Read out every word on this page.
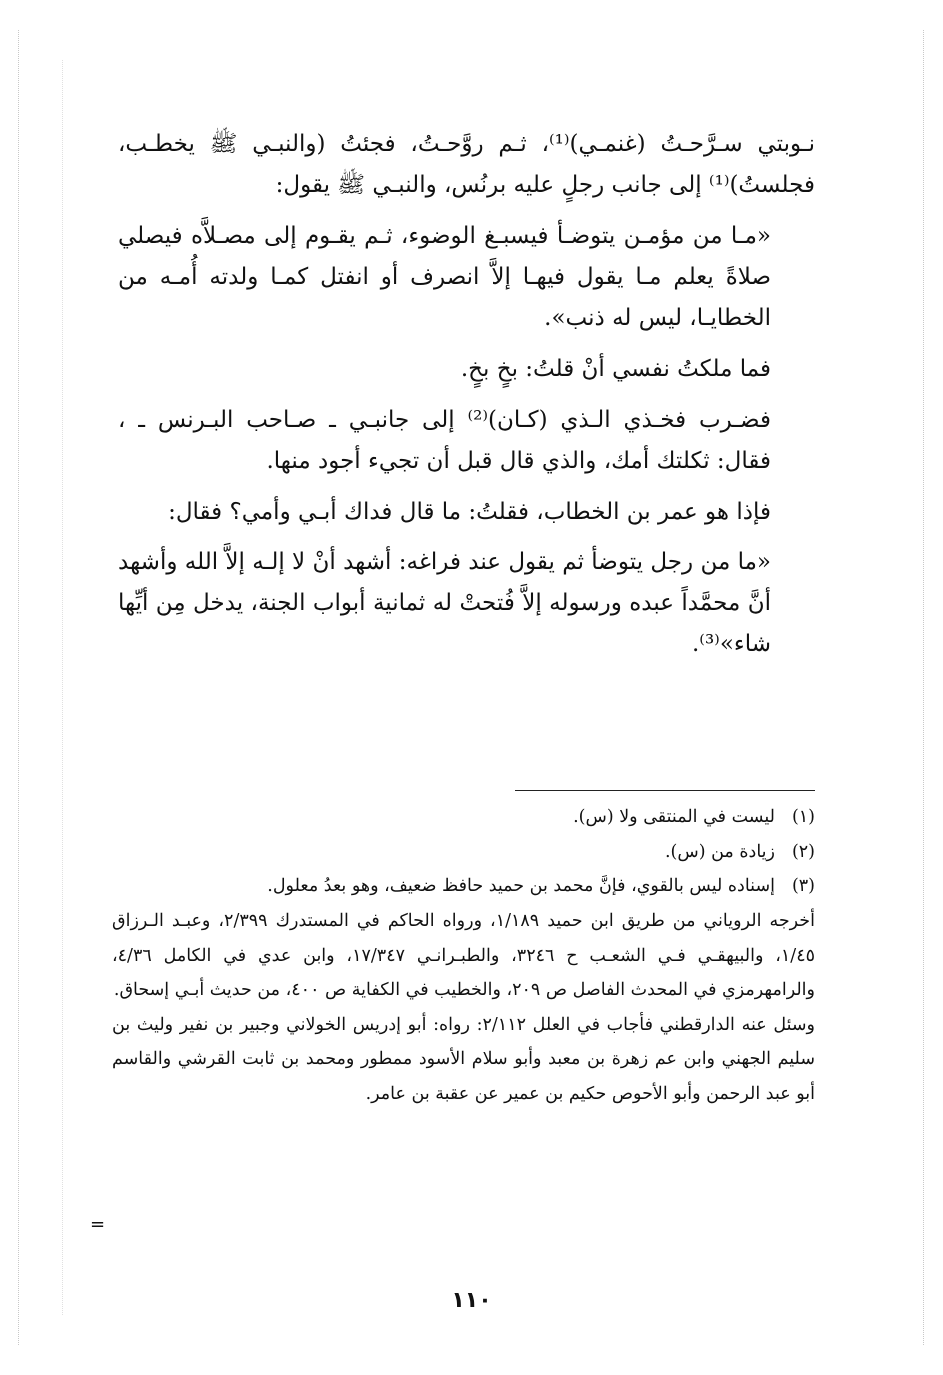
نـوبتي سـرَّحـتُ (غنمـي)⁽¹⁾، ثـم روَّحـتُ، فجئتُ (والنبـي ﷺ يخطـب، فجلستُ)⁽¹⁾ إلى جانب رجلٍ عليه برنُس، والنبـي ﷺ يقول:

«مـا من مؤمـن يتوضـأ فيسبـغ الوضوء، ثـم يقـوم إلى مصـلاَّه فيصلي صلاةً يعلم مـا يقول فيهـا إلاَّ انصرف أو انفتل كمـا ولدته أُمـه من الخطايـا، ليس له ذنب».

فما ملكتُ نفسي أنْ قلتُ: بخٍ بخٍ.

فضـرب فخـذي الـذي (كـان)⁽²⁾ إلى جانبـي ـ صـاحب البـرنس ـ ، فقال: ثكلتك أمك، والذي قال قبل أن تجيء أجود منها.

فإذا هو عمر بن الخطاب، فقلتُ: ما قال فداك أبـي وأمي؟ فقال:

«ما من رجل يتوضأ ثم يقول عند فراغه: أشهد أنْ لا إلـه إلاَّ الله وأشهد أنَّ محمَّداً عبده ورسوله إلاَّ فُتحتْ له ثمانية أبواب الجنة، يدخل مِن أيِّها شاء»⁽³⁾.

(١)ليست في المنتقى ولا (س).

(٢)زيادة من (س).

(٣)إسناده ليس بالقوي، فإنَّ محمد بن حميد حافظ ضعيف، وهو بعدُ معلول.

أخرجه الروياني من طريق ابن حميد ١/١٨٩، ورواه الحاكم في المستدرك ٢/٣٩٩، وعبـد الـرزاق ١/٤٥، والبيهقـي فـي الشعـب ح ٣٢٤٦، والطبـرانـي ١٧/٣٤٧، وابن عدي في الكامل ٤/٣٦، والرامهرمزي في المحدث الفاصل ص ٢٠٩، والخطيب في الكفاية ص ٤٠٠، من حديث أبـي إسحاق.

وسئل عنه الدارقطني فأجاب في العلل ٢/١١٢: رواه: أبو إدريس الخولاني وجبير بن نفير وليث بن سليم الجهني وابن عم زهرة بن معبد وأبو سلام الأسود ممطور ومحمد بن ثابت القرشي والقاسم أبو عبد الرحمن وأبو الأحوص حكيم بن عمير عن عقبة بن عامر.

=
١١٠
